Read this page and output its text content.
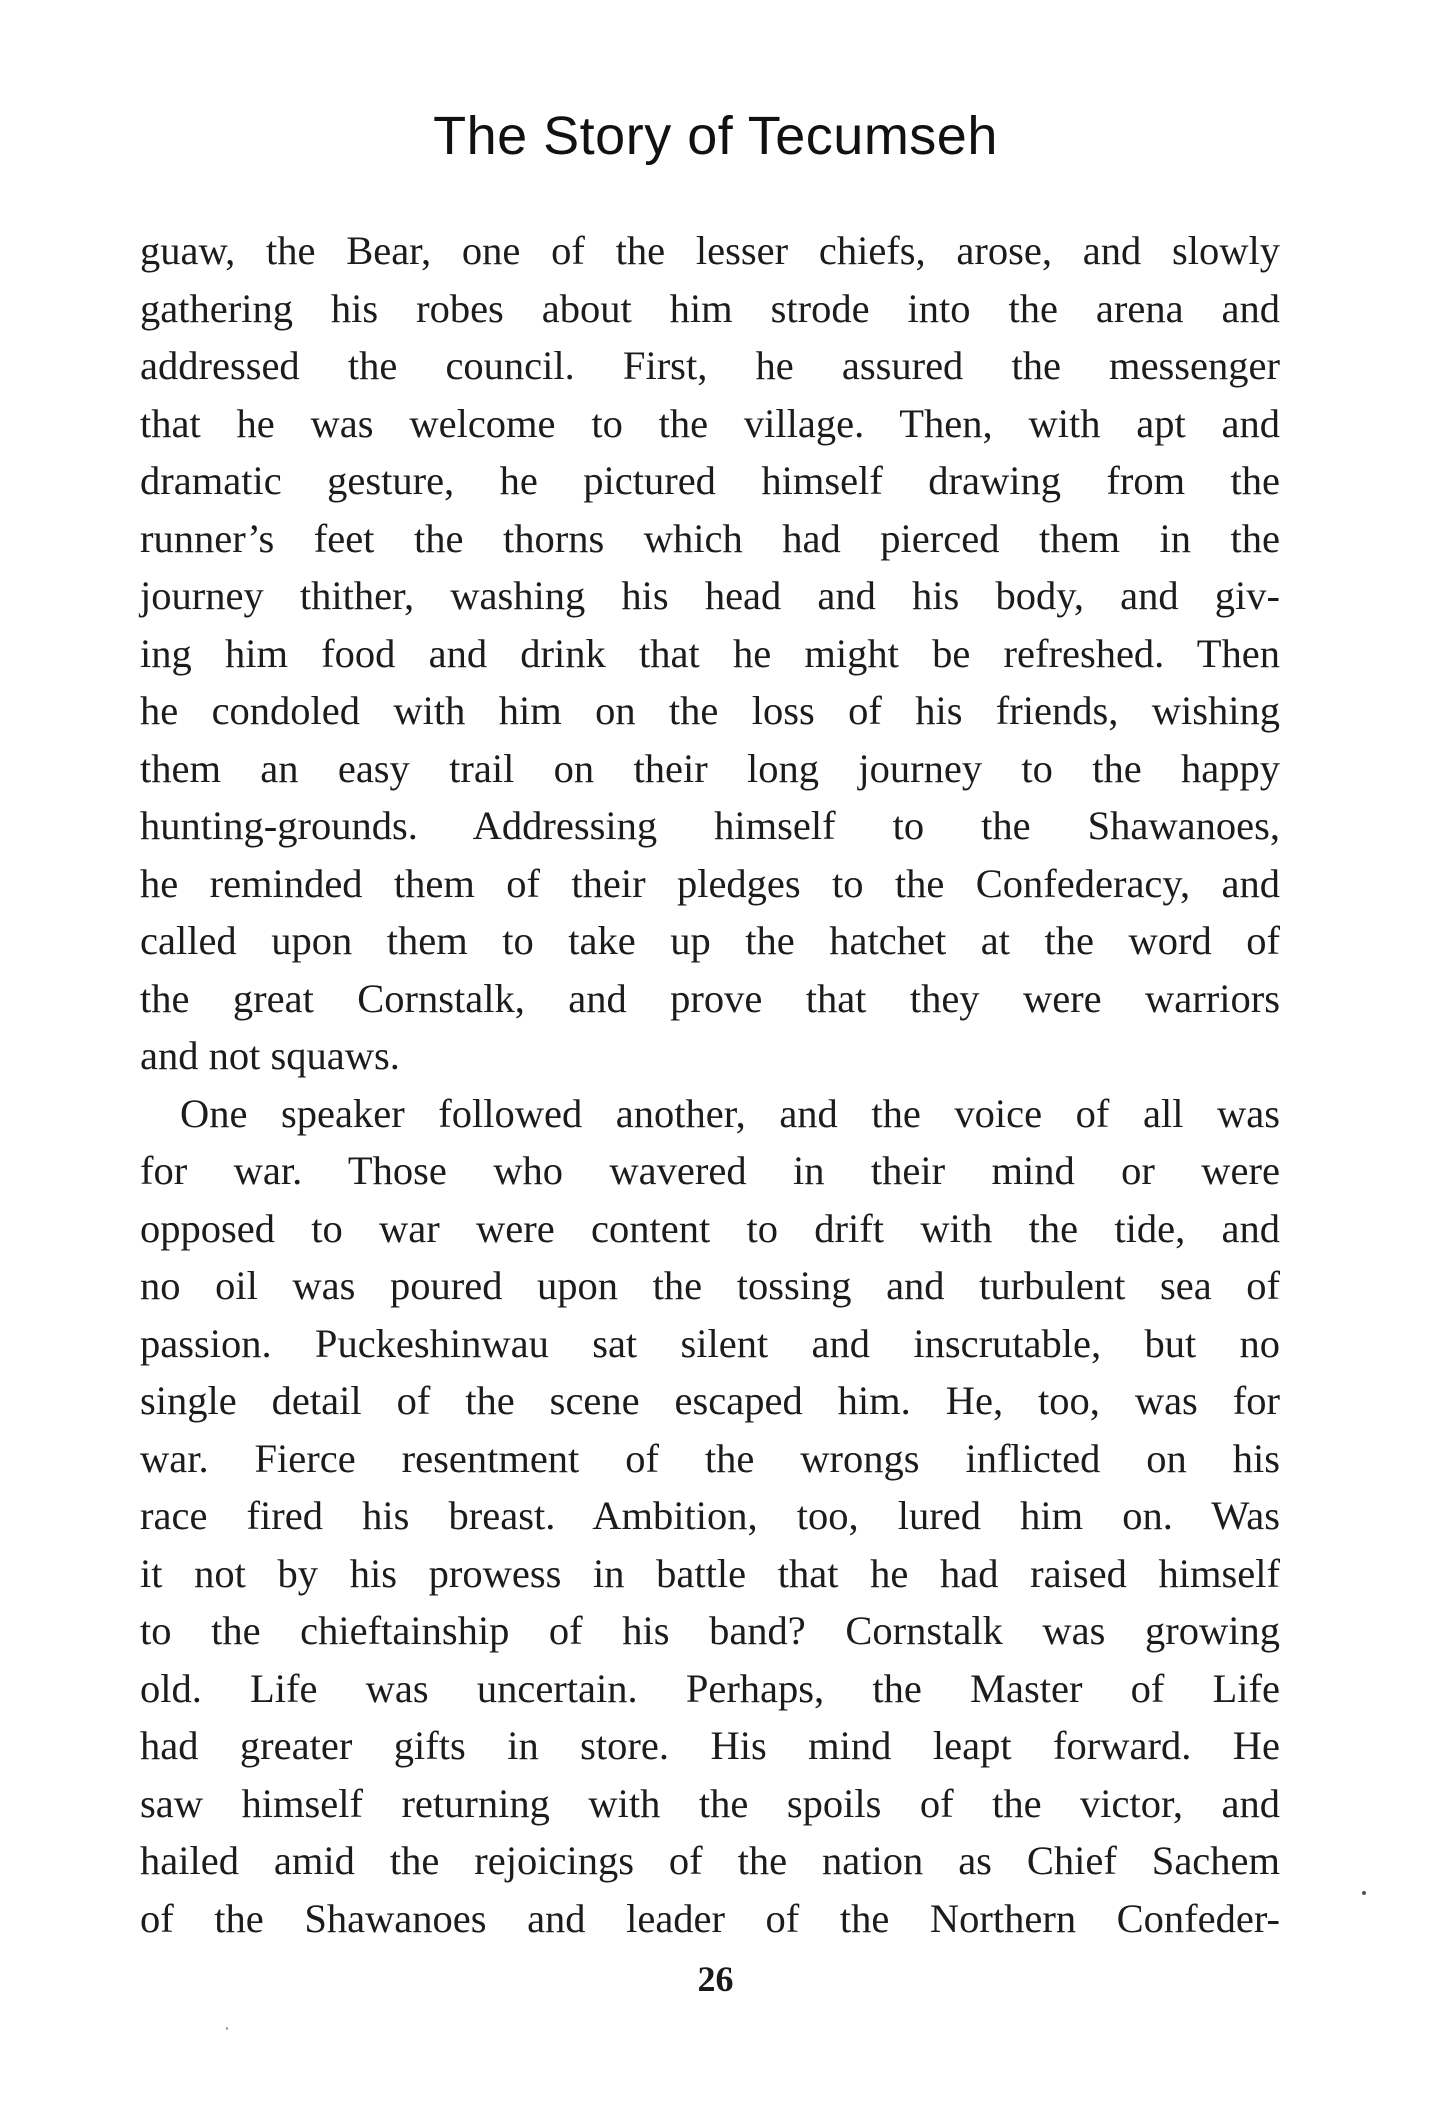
The Story of Tecumseh
guaw, the Bear, one of the lesser chiefs, arose, and slowly
gathering his robes about him strode into the arena and
addressed the council. First, he assured the messenger
that he was welcome to the village. Then, with apt and
dramatic gesture, he pictured himself drawing from the
runner’s feet the thorns which had pierced them in the
journey thither, washing his head and his body, and giv-
ing him food and drink that he might be refreshed. Then
he condoled with him on the loss of his friends, wishing
them an easy trail on their long journey to the happy
hunting-grounds. Addressing himself to the Shawanoes,
he reminded them of their pledges to the Confederacy, and
called upon them to take up the hatchet at the word of
the great Cornstalk, and prove that they were warriors
and not squaws.
One speaker followed another, and the voice of all was
for war. Those who wavered in their mind or were
opposed to war were content to drift with the tide, and
no oil was poured upon the tossing and turbulent sea of
passion. Puckeshinwau sat silent and inscrutable, but no
single detail of the scene escaped him. He, too, was for
war. Fierce resentment of the wrongs inflicted on his
race fired his breast. Ambition, too, lured him on. Was
it not by his prowess in battle that he had raised himself
to the chieftainship of his band? Cornstalk was growing
old. Life was uncertain. Perhaps, the Master of Life
had greater gifts in store. His mind leapt forward. He
saw himself returning with the spoils of the victor, and
hailed amid the rejoicings of the nation as Chief Sachem
of the Shawanoes and leader of the Northern Confeder-
26
